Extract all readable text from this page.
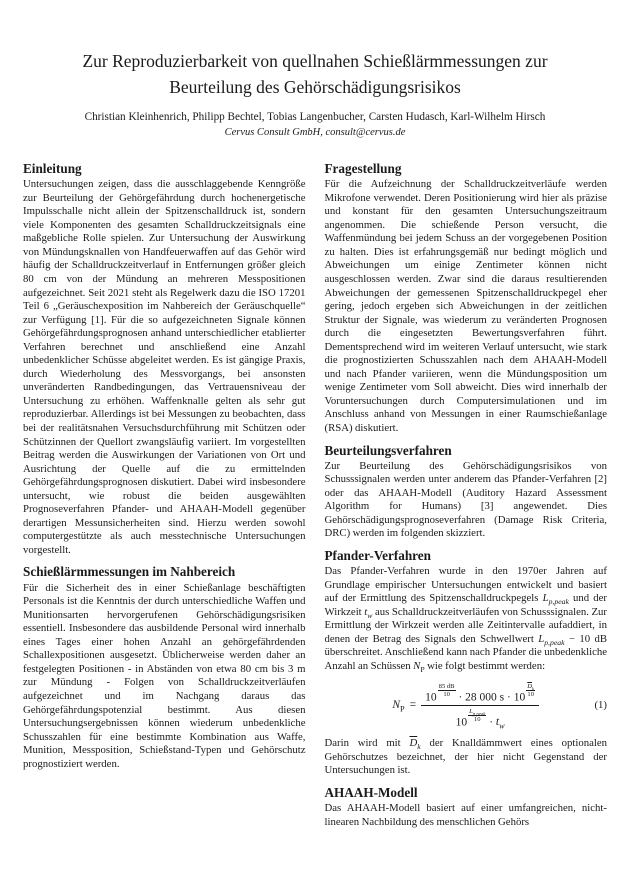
Zur Reproduzierbarkeit von quellnahen Schießlärmmessungen zur
Beurteilung des Gehörschädigungsrisikos
Christian Kleinhenrich, Philipp Bechtel, Tobias Langenbucher, Carsten Hudasch, Karl-Wilhelm Hirsch
Cervus Consult GmbH, consult@cervus.de
Einleitung

Untersuchungen zeigen, dass die ausschlaggebende Kenngröße zur Beurteilung der Gehörgefährdung durch hochenergetische Impulsschalle nicht allein der Spitzenschalldruck ist, sondern viele Komponenten des gesamten Schalldruckzeitsignals eine maßgebliche Rolle spielen. Zur Untersuchung der Auswirkung von Mündungsknallen von Handfeuerwaffen auf das Gehör wird häufig der Schalldruckzeitverlauf in Entfernungen größer gleich 80 cm von der Mündung an mehreren Messpositionen aufgezeichnet. Seit 2021 steht als Regelwerk dazu die ISO 17201 Teil 6 „Geräuschexposition im Nahbereich der Geräuschquelle“ zur Verfügung [1]. Für die so aufgezeichneten Signale können Gehörgefährdungsprognosen anhand unterschiedlicher etablierter Verfahren berechnet und anschließend eine Anzahl unbedenklicher Schüsse abgeleitet werden. Es ist gängige Praxis, durch Wiederholung des Messvorgangs, bei ansonsten unveränderten Randbedingungen, das Vertrauensniveau der Untersuchung zu erhöhen. Waffenknalle gelten als sehr gut reproduzierbar. Allerdings ist bei Messungen zu beobachten, dass bei der realitätsnahen Versuchsdurchführung mit Schützen oder Schützinnen der Quellort zwangsläufig variiert. Im vorgestellten Beitrag werden die Auswirkungen der Variationen von Ort und Ausrichtung der Quelle auf die zu ermittelnden Gehörgefährdungsprognosen diskutiert. Dabei wird insbesondere untersucht, wie robust die beiden ausgewählten Prognoseverfahren Pfander- und AHAAH-Modell gegenüber derartigen Messunsicherheiten sind. Hierzu werden sowohl computergestützte als auch messtechnische Untersuchungen vorgestellt.

Schießlärmmessungen im Nahbereich

Für die Sicherheit des in einer Schießanlage beschäftigten Personals ist die Kenntnis der durch unterschiedliche Waffen und Munitionsarten hervorgerufenen Gehörschädigungsrisiken essentiell. Insbesondere das ausbildende Personal wird innerhalb eines Tages einer hohen Anzahl an gehörgefährdenden Schallexpositionen ausgesetzt. Üblicherweise werden daher an festgelegten Positionen - in Abständen von etwa 80 cm bis 3 m zur Mündung - Folgen von Schalldruckzeitverläufen aufgezeichnet und im Nachgang daraus das Gehörgefährdungspotenzial bestimmt. Aus diesen Untersuchungsergebnissen können wiederum unbedenkliche Schusszahlen für eine bestimmte Kombination aus Waffe, Munition, Messposition, Schießstand-Typen und Gehörschutz prognostiziert werden.

Fragestellung

Für die Aufzeichnung der Schalldruckzeitverläufe werden Mikrofone verwendet. Deren Positionierung wird hier als präzise und konstant für den gesamten Untersuchungszeitraum angenommen. Die schießende Person versucht, die Waffenmündung bei jedem Schuss an der vorgegebenen Position zu halten. Dies ist erfahrungsgemäß nur bedingt möglich und Abweichungen um einige Zentimeter können nicht ausgeschlossen werden. Zwar sind die daraus resultierenden Abweichungen der gemessenen Spitzenschalldruckpegel eher gering, jedoch ergeben sich Abweichungen in der zeitlichen Struktur der Signale, was wiederum zu veränderten Prognosen durch die eingesetzten Bewertungsverfahren führt. Dementsprechend wird im weiteren Verlauf untersucht, wie stark die prognostizierten Schusszahlen nach dem AHAAH-Modell und nach Pfander variieren, wenn die Mündungsposition um wenige Zentimeter vom Soll abweicht. Dies wird innerhalb der Voruntersuchungen durch Computersimulationen und im Anschluss anhand von Messungen in einer Raumschießanlage (RSA) diskutiert.

Beurteilungsverfahren

Zur Beurteilung des Gehörschädigungsrisikos von Schusssignalen werden unter anderem das Pfander-Verfahren [2] oder das AHAAH-Modell (Auditory Hazard Assessment Algorithm for Humans) [3] angewendet. Dies Gehörschädigungsprognoseverfahren (Damage Risk Criteria, DRC) werden im folgenden skizziert.

Pfander-Verfahren

Das Pfander-Verfahren wurde in den 1970er Jahren auf Grundlage empirischer Untersuchungen entwickelt und basiert auf der Ermittlung des Spitzenschalldruckpegels $L_{p,peak}$ und der Wirkzeit $t_w$ aus Schalldruckzeitverläufen von Schusssignalen. Zur Ermittlung der Wirkzeit werden alle Zeitintervalle aufaddiert, in denen der Betrag des Signals den Schwellwert $L_{p,peak} - 10$ dB überschreitet. Anschließend kann nach Pfander die unbedenkliche Anzahl an Schüssen $N_P$ wie folgt bestimmt werden:

$N_P = 10 \frac{85 dB}{10} \cdot 28$ 000 $s \cdot 10 \frac{\overline{D}_k}{10}$
10
$L_{p,peak}$
$10 \cdot t_w$	(1)

Darin wird mit $\overline{D}_k$ der Knalldämmwert eines optionalen Gehörschutzes bezeichnet, der hier nicht Gegenstand der Untersuchungen ist.

AHAAH-Modell

Das AHAAH-Modell basiert auf einer umfangreichen, nicht-linearen Nachbildung des menschlichen Gehörs
